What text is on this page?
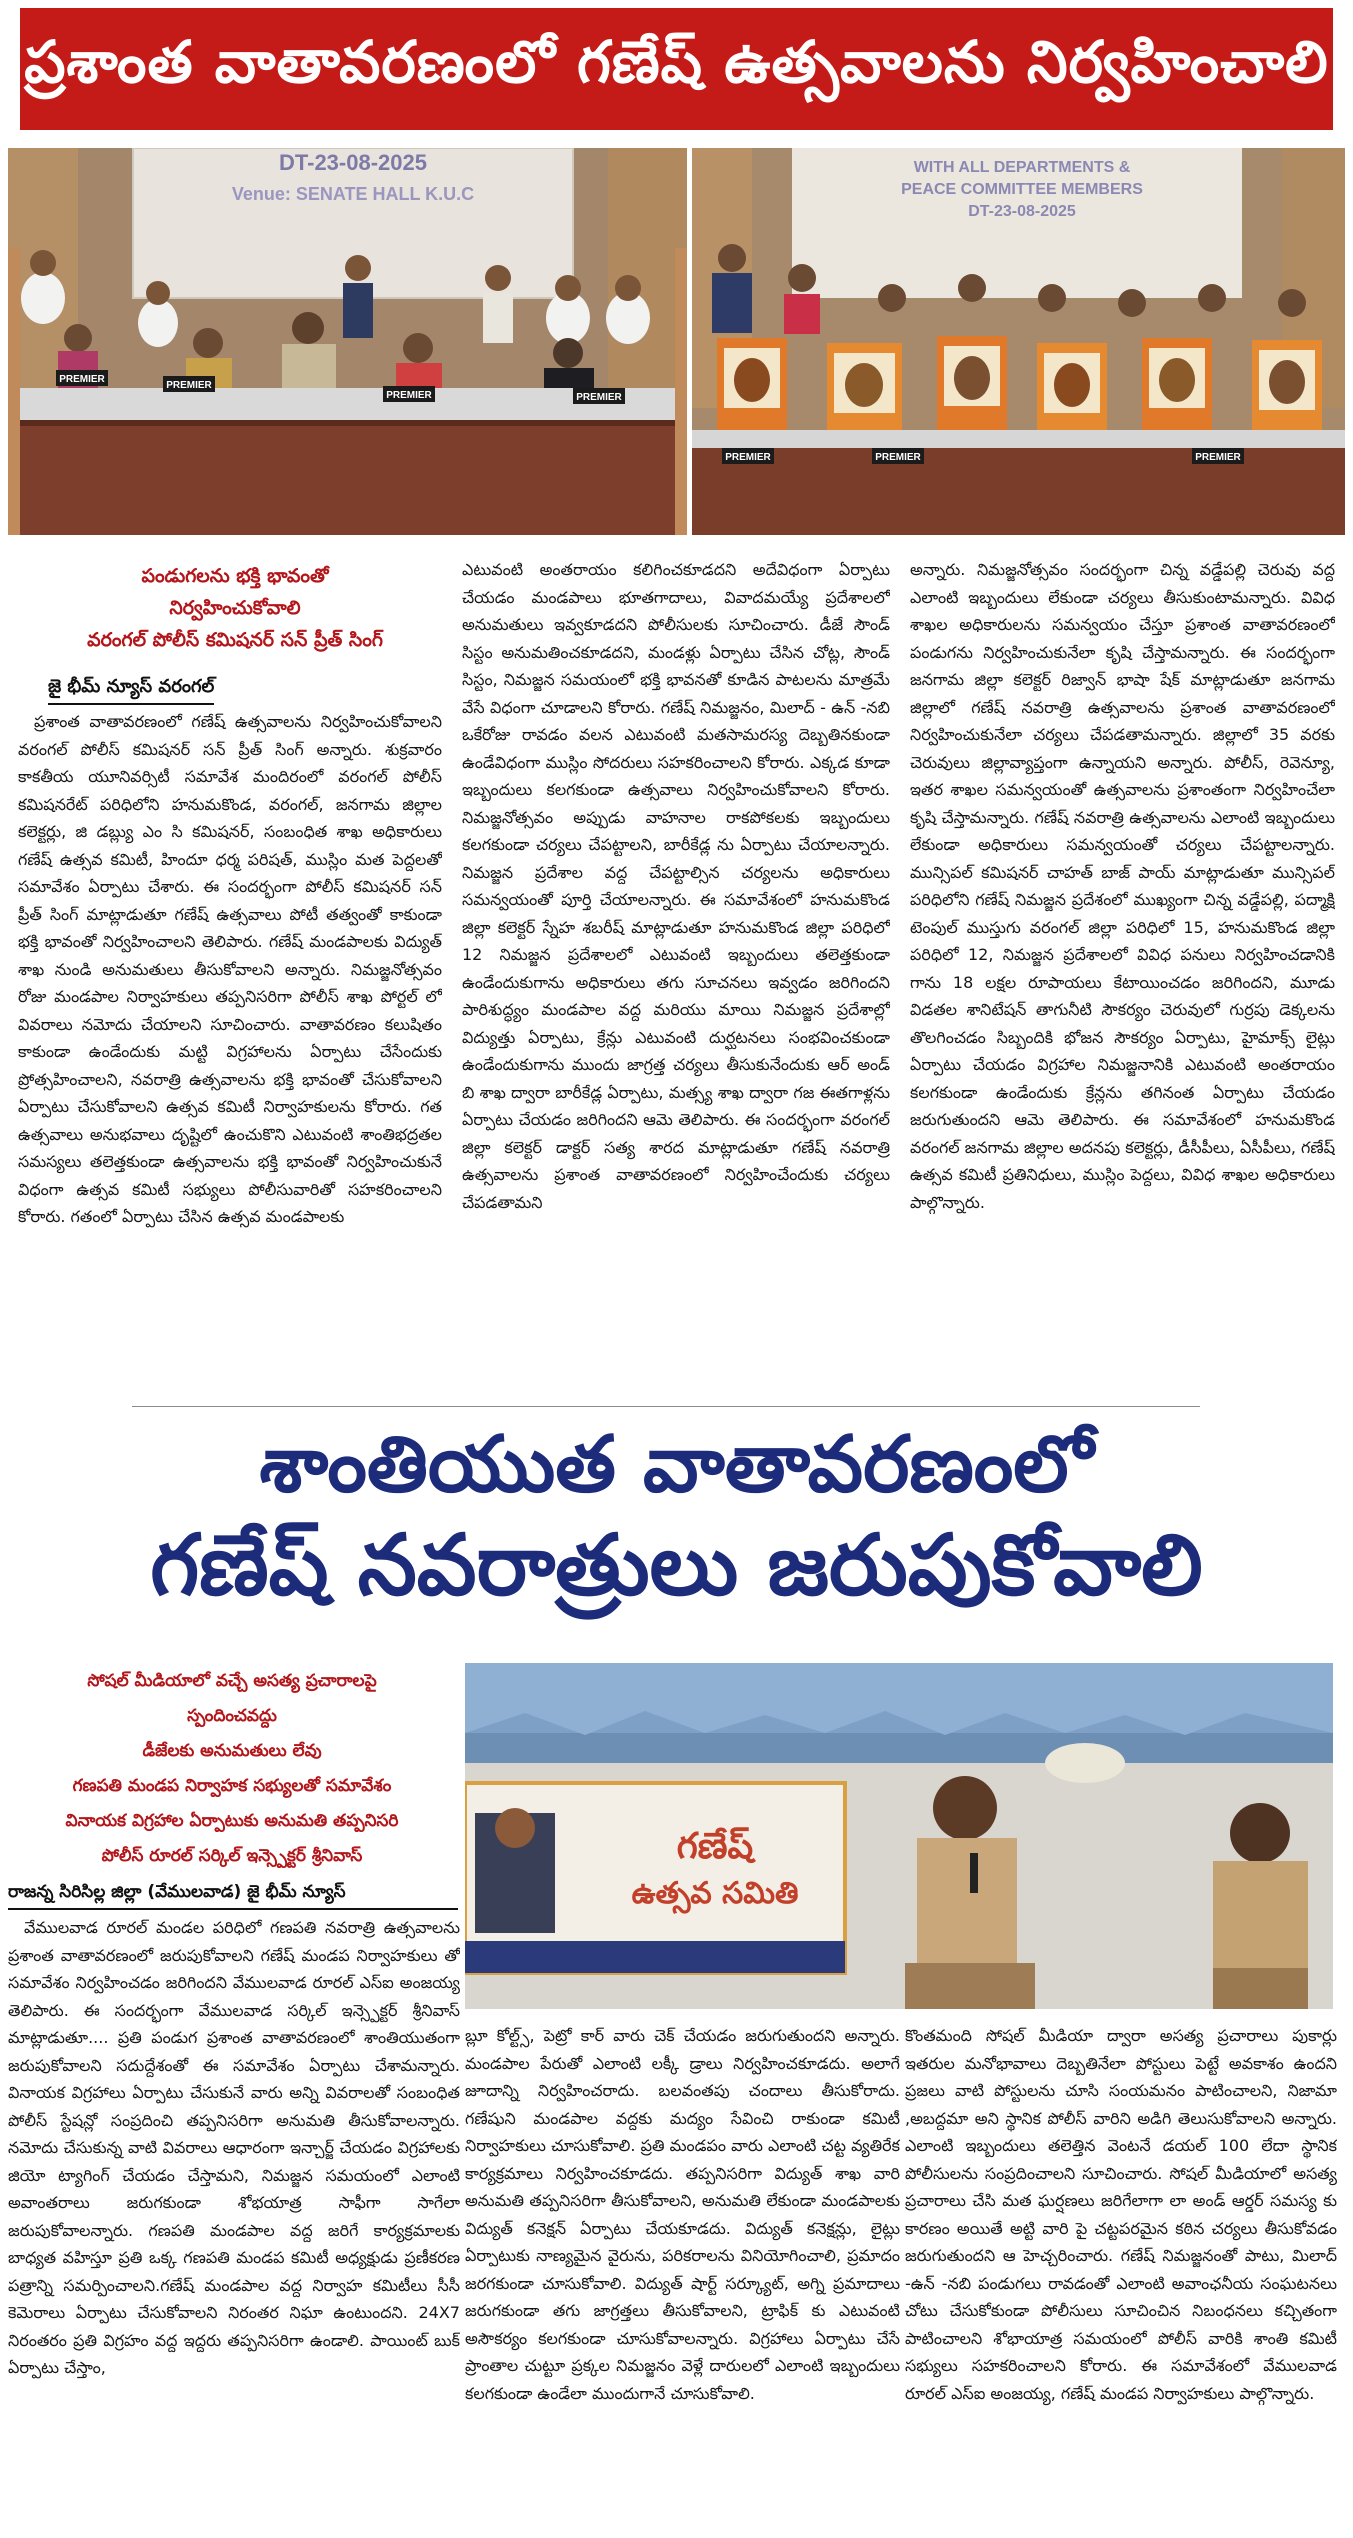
ప్రశాంత వాతావరణంలో గణేష్ ఉత్సవాలను నిర్వహించాలి
DT-23-08-2025
Venue: SENATE HALL K.U.C
PREMIER
PREMIER
PREMIER	PREMIER
WITH ALL DEPARTMENTS &
PEACE COMMITTEE MEMBERS
DT-23-08-2025
PREMIER	PREMIER	PREMIER
పండుగలను భక్తి భావంతో
నిర్వహించుకోవాలి
వరంగల్ పోలీస్ కమిషనర్ సన్ ప్రీత్ సింగ్
జై భీమ్ న్యూస్ వరంగల్

ప్రశాంత వాతావరణంలో గణేష్ ఉత్సవాలను నిర్వహించుకోవాలని వరంగల్ పోలీస్ కమిషనర్ సన్ ప్రీత్ సింగ్ అన్నారు. శుక్రవారం కాకతీయ యూనివర్సిటీ సమావేశ మందిరంలో వరంగల్ పోలీస్ కమిషనరేట్ పరిధిలోని హనుమకొండ, వరంగల్, జనగామ జిల్లాల కలెక్టర్లు, జి డబ్ల్యు ఎం సి కమిషనర్, సంబంధిత శాఖ అధికారులు గణేష్ ఉత్సవ కమిటీ, హిందూ ధర్మ పరిషత్, ముస్లిం మత పెద్దలతో సమావేశం ఏర్పాటు చేశారు. ఈ సందర్భంగా పోలీస్ కమిషనర్ సన్ ప్రీత్ సింగ్ మాట్లాడుతూ గణేష్ ఉత్సవాలు పోటీ తత్వంతో కాకుండా భక్తి భావంతో నిర్వహించాలని తెలిపారు. గణేష్ మండపాలకు విద్యుత్ శాఖ నుండి అనుమతులు తీసుకోవాలని అన్నారు. నిమజ్జనోత్సవం రోజు మండపాల నిర్వాహకులు తప్పనిసరిగా పోలీస్ శాఖ పోర్టల్ లో వివరాలు నమోదు చేయాలని సూచించారు. వాతావరణం కలుషితం కాకుండా ఉండేందుకు మట్టి విగ్రహాలను ఏర్పాటు చేసేందుకు ప్రోత్సహించాలని, నవరాత్రి ఉత్సవాలను భక్తి భావంతో చేసుకోవాలని ఏర్పాటు చేసుకోవాలని ఉత్సవ కమిటీ నిర్వాహకులను కోరారు. గత ఉత్సవాలు అనుభవాలు దృష్టిలో ఉంచుకొని ఎటువంటి శాంతిభద్రతల సమస్యలు తలెత్తకుండా ఉత్సవాలను భక్తి భావంతో నిర్వహించుకునే విధంగా ఉత్సవ కమిటీ సభ్యులు పోలీసువారితో సహకరించాలని కోరారు. గతంలో ఏర్పాటు చేసిన ఉత్సవ మండపాలకు

ఎటువంటి అంతరాయం కలిగించకూడదని అదేవిధంగా ఏర్పాటు చేయడం మండపాలు భూతగాదాలు, వివాదమయ్యే ప్రదేశాలలో అనుమతులు ఇవ్వకూడదని పోలీసులకు సూచించారు. డీజే సౌండ్ సిస్టం అనుమతించకూడదని, మండళ్లు ఏర్పాటు చేసిన చోట్ల, సౌండ్ సిస్టం, నిమజ్జన సమయంలో భక్తి భావనతో కూడిన పాటలను మాత్రమే వేసే విధంగా చూడాలని కోరారు. గణేష్ నిమజ్జనం, మిలాద్ - ఉన్ -నబి ఒకేరోజు రావడం వలన ఎటువంటి మతసామరస్య దెబ్బతినకుండా ఉండేవిధంగా ముస్లిం సోదరులు సహకరించాలని కోరారు. ఎక్కడ కూడా ఇబ్బందులు కలగకుండా ఉత్సవాలు నిర్వహించుకోవాలని కోరారు. నిమజ్జనోత్సవం అప్పుడు వాహనాల రాకపోకలకు ఇబ్బందులు కలగకుండా చర్యలు చేపట్టాలని, బారీకేడ్ల ను ఏర్పాటు చేయాలన్నారు. నిమజ్జన ప్రదేశాల వద్ద చేపట్టాల్సిన చర్యలను అధికారులు సమన్వయంతో పూర్తి చేయాలన్నారు. ఈ సమావేశంలో హనుమకొండ జిల్లా కలెక్టర్ స్నేహ శబరీష్ మాట్లాడుతూ హనుమకొండ జిల్లా పరిధిలో 12 నిమజ్జన ప్రదేశాలలో ఎటువంటి ఇబ్బందులు తలెత్తకుండా ఉండేందుకుగాను అధికారులు తగు సూచనలు ఇవ్వడం జరిగిందని పారిశుద్ధ్యం మండపాల వద్ద మరియు మాయి నిమజ్జన ప్రదేశాల్లో విద్యుత్తు ఏర్పాటు, క్రేన్లు ఎటువంటి దుర్ఘటనలు సంభవించకుండా ఉండేందుకుగాను ముందు జాగ్రత్త చర్యలు తీసుకునేందుకు ఆర్ అండ్ బి శాఖ ద్వారా బారీకేడ్ల ఏర్పాటు, మత్స్య శాఖ ద్వారా గజ ఈతగాళ్లను ఏర్పాటు చేయడం జరిగిందని ఆమె తెలిపారు. ఈ సందర్భంగా వరంగల్ జిల్లా కలెక్టర్ డాక్టర్ సత్య శారద మాట్లాడుతూ గణేష్ నవరాత్రి ఉత్సవాలను ప్రశాంత వాతావరణంలో నిర్వహించేందుకు చర్యలు చేపడతామని

అన్నారు. నిమజ్జనోత్సవం సందర్భంగా చిన్న వడ్డేపల్లి చెరువు వద్ద ఎలాంటి ఇబ్బందులు లేకుండా చర్యలు తీసుకుంటామన్నారు. వివిధ శాఖల అధికారులను సమన్వయం చేస్తూ ప్రశాంత వాతావరణంలో పండుగను నిర్వహించుకునేలా కృషి చేస్తామన్నారు. ఈ సందర్భంగా జనగామ జిల్లా కలెక్టర్ రిజ్వాన్ భాషా షేక్ మాట్లాడుతూ జనగామ జిల్లాలో గణేష్ నవరాత్రి ఉత్సవాలను ప్రశాంత వాతావరణంలో నిర్వహించుకునేలా చర్యలు చేపడతామన్నారు. జిల్లాలో 35 వరకు చెరువులు జిల్లావ్యాప్తంగా ఉన్నాయని అన్నారు. పోలీస్, రెవెన్యూ, ఇతర శాఖల సమన్వయంతో ఉత్సవాలను ప్రశాంతంగా నిర్వహించేలా కృషి చేస్తామన్నారు. గణేష్ నవరాత్రి ఉత్సవాలను ఎలాంటి ఇబ్బందులు లేకుండా అధికారులు సమన్వయంతో చర్యలు చేపట్టాలన్నారు. మున్సిపల్ కమిషనర్ చాహత్ బాజ్ పాయ్ మాట్లాడుతూ మున్సిపల్ పరిధిలోని గణేష్ నిమజ్జన ప్రదేశంలో ముఖ్యంగా చిన్న వడ్డేపల్లి, పద్మాక్షి టెంపుల్ ముస్తుగు వరంగల్ జిల్లా పరిధిలో 15, హనుమకొండ జిల్లా పరిధిలో 12, నిమజ్జన ప్రదేశాలలో వివిధ పనులు నిర్వహించడానికి గాను 18 లక్షల రూపాయలు కేటాయించడం జరిగిందని, మూడు విడతల శానిటేషన్ తాగునీటి సౌకర్యం చెరువులో గుర్రపు డెక్కలను తొలగించడం సిబ్బందికి భోజన సౌకర్యం ఏర్పాటు, హైమాక్స్ లైట్లు ఏర్పాటు చేయడం విగ్రహాల నిమజ్జనానికి ఎటువంటి అంతరాయం కలగకుండా ఉండేందుకు క్రేన్లను తగినంత ఏర్పాటు చేయడం జరుగుతుందని ఆమె తెలిపారు. ఈ సమావేశంలో హనుమకొండ వరంగల్ జనగామ జిల్లాల అదనపు కలెక్టర్లు, డీసీపీలు, ఏసీపీలు, గణేష్ ఉత్సవ కమిటీ ప్రతినిధులు, ముస్లిం పెద్దలు, వివిధ శాఖల అధికారులు పాల్గొన్నారు.

శాంతియుత వాతావరణంలో
గణేష్ నవరాత్రులు జరుపుకోవాలి
సోషల్ మీడియాలో వచ్చే అసత్య ప్రచారాలపై
స్పందించవద్దు
డీజేలకు అనుమతులు లేవు
గణపతి మండప నిర్వాహక సభ్యులతో సమావేశం
వినాయక విగ్రహాల ఏర్పాటుకు అనుమతి తప్పనిసరి
పోలీస్ రూరల్ సర్కిల్ ఇన్స్పెక్టర్ శ్రీనివాస్
రాజన్న సిరిసిల్ల జిల్లా (వేములవాడ) జై భీమ్ న్యూస్
గణేష్
ఉత్సవ సమితి

వేములవాడ రూరల్ మండల పరిధిలో గణపతి నవరాత్రి ఉత్సవాలను ప్రశాంత వాతావరణంలో జరుపుకోవాలని గణేష్ మండప నిర్వాహకులు తో సమావేశం నిర్వహించడం జరిగిందని వేములవాడ రూరల్ ఎస్ఐ అంజయ్య తెలిపారు. ఈ సందర్భంగా వేములవాడ సర్కిల్ ఇన్స్పెక్టర్ శ్రీనివాస్ మాట్లాడుతూ.... ప్రతి పండుగ ప్రశాంత వాతావరణంలో శాంతియుతంగా జరుపుకోవాలని సదుద్దేశంతో ఈ సమావేశం ఏర్పాటు చేశామన్నారు. వినాయక విగ్రహాలు ఏర్పాటు చేసుకునే వారు అన్ని వివరాలతో సంబంధిత పోలీస్ స్టేషన్లో సంప్రదించి తప్పనిసరిగా అనుమతి తీసుకోవాలన్నారు. నమోదు చేసుకున్న వాటి వివరాలు ఆధారంగా ఇన్చార్జ్ చేయడం విగ్రహాలకు జియో ట్యాగింగ్ చేయడం చేస్తామని, నిమజ్జన సమయంలో ఎలాంటి అవాంతరాలు జరుగకుండా శోభయాత్ర సాఫీగా సాగేలా జరుపుకోవాలన్నారు. గణపతి మండపాల వద్ద జరిగే కార్యక్రమాలకు బాధ్యత వహిస్తూ ప్రతి ఒక్క గణపతి మండప కమిటీ అధ్యక్షుడు ప్రణీకరణ పత్రాన్ని సమర్పించాలని.గణేష్ మండపాల వద్ద నిర్వాహ కమిటీలు సీసీ కెమెరాలు ఏర్పాటు చేసుకోవాలని నిరంతర నిఘా ఉంటుందని. 24X7 నిరంతరం ప్రతి విగ్రహం వద్ద ఇద్దరు తప్పనిసరిగా ఉండాలి. పాయింట్ బుక్ ఏర్పాటు చేస్తాం,

బ్లూ కోల్ట్స్, పెట్రో కార్ వారు చెక్ చేయడం జరుగుతుందని అన్నారు. మండపాల పేరుతో ఎలాంటి లక్కీ డ్రాలు నిర్వహించకూడదు. అలాగే జూదాన్ని నిర్వహించరాదు. బలవంతపు చందాలు తీసుకోరాదు. గణేషుని మండపాల వద్దకు మద్యం సేవించి రాకుండా కమిటీ నిర్వాహకులు చూసుకోవాలి. ప్రతి మండపం వారు ఎలాంటి చట్ట వ్యతిరేక కార్యక్రమాలు నిర్వహించకూడదు. తప్పనిసరిగా విద్యుత్ శాఖ వారి అనుమతి తప్పనిసరిగా తీసుకోవాలని, అనుమతి లేకుండా మండపాలకు విద్యుత్ కనెక్షన్ ఏర్పాటు చేయకూడదు. విద్యుత్ కనెక్షన్లు, లైట్లు ఏర్పాటుకు నాణ్యమైన వైరును, పరికరాలను వినియోగించాలి, ప్రమాదం జరగకుండా చూసుకోవాలి. విద్యుత్ షార్ట్ సర్క్యూట్, అగ్ని ప్రమాదాలు జరుగకుండా తగు జాగ్రత్తలు తీసుకోవాలని, ట్రాఫిక్ కు ఎటువంటి అసౌకర్యం కలగకుండా చూసుకోవాలన్నారు. విగ్రహాలు ఏర్పాటు చేసే ప్రాంతాల చుట్టూ ప్రక్కల నిమజ్జనం వెళ్లే దారులలో ఎలాంటి ఇబ్బందులు కలగకుండా ఉండేలా ముందుగానే చూసుకోవాలి.

కొంతమంది సోషల్ మీడియా ద్వారా అసత్య ప్రచారాలు పుకార్లు ఇతరుల మనోభావాలు దెబ్బతినేలా పోస్టులు పెట్టే అవకాశం ఉందని ప్రజలు వాటి పోస్టులను చూసి సంయమనం పాటించాలని, నిజామా ,అబద్దమా అని స్థానిక పోలీస్ వారిని అడిగి తెలుసుకోవాలని అన్నారు. ఎలాంటి ఇబ్బందులు తలెత్తిన వెంటనే డయల్ 100 లేదా స్థానిక పోలీసులను సంప్రదించాలని సూచించారు. సోషల్ మీడియాలో అసత్య ప్రచారాలు చేసి మత ఘర్షణలు జరిగేలాగా లా అండ్ ఆర్డర్ సమస్య కు కారణం అయితే అట్టి వారి పై చట్టపరమైన కఠిన చర్యలు తీసుకోవడం జరుగుతుందని ఆ హెచ్చరించారు. గణేష్ నిమజ్జనంతో పాటు, మిలాద్ -ఉన్ -నబి పండుగలు రావడంతో ఎలాంటి అవాంఛనీయ సంఘటనలు చోటు చేసుకోకుండా పోలీసులు సూచించిన నిబంధనలు కచ్చితంగా పాటించాలని శోభాయాత్ర సమయంలో పోలీస్ వారికి శాంతి కమిటీ సభ్యులు సహకరించాలని కోరారు. ఈ సమావేశంలో వేములవాడ రూరల్ ఎస్ఐ అంజయ్య, గణేష్ మండప నిర్వాహకులు పాల్గొన్నారు.
